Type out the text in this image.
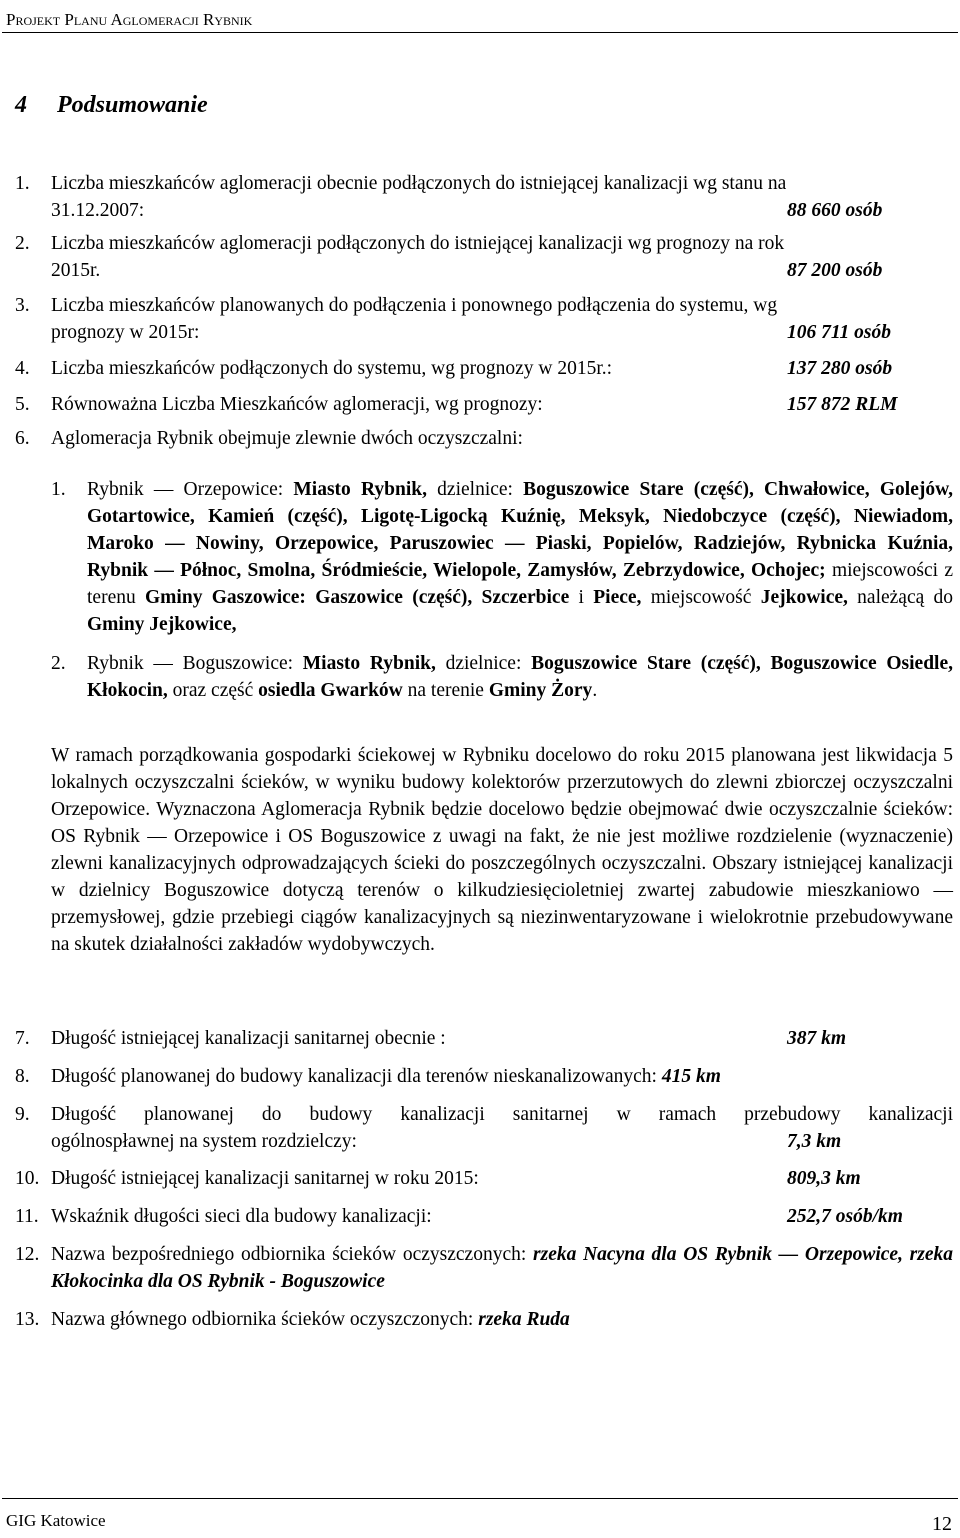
Projekt Planu Aglomeracji Rybnik
4 Podsumowanie
1.	Liczba mieszkańców aglomeracji obecnie podłączonych do istniejącej kanalizacji wg stanu na
31.12.2007:	88 660 osób
2.	Liczba mieszkańców aglomeracji podłączonych do istniejącej kanalizacji wg prognozy na rok
2015r.	87 200 osób
3.	Liczba mieszkańców planowanych do podłączenia i ponownego podłączenia do systemu, wg
prognozy w 2015r:	106 711 osób
4.	Liczba mieszkańców podłączonych do systemu, wg prognozy w 2015r.:	137 280 osób
5.	Równoważna Liczba Mieszkańców aglomeracji, wg prognozy:	157 872 RLM
6.	Aglomeracja Rybnik obejmuje zlewnie dwóch oczyszczalni:
1.	Rybnik — Orzepowice: Miasto Rybnik, dzielnice: Boguszowice Stare (część), Chwałowice, Golejów, Gotartowice, Kamień (część), Ligotę-Ligocką Kuźnię, Meksyk, Niedobczyce (część), Niewiadom, Maroko — Nowiny, Orzepowice, Paruszowiec — Piaski, Popielów, Radziejów, Rybnicka Kuźnia, Rybnik — Północ, Smolna, Śródmieście, Wielopole, Zamysłów, Zebrzydowice, Ochojec; miejscowości z terenu Gminy Gaszowice: Gaszowice (część), Szczerbice i Piece, miejscowość Jejkowice, należącą do Gminy Jejkowice,
2.	Rybnik — Boguszowice: Miasto Rybnik, dzielnice: Boguszowice Stare (część), Boguszowice Osiedle, Kłokocin, oraz część osiedla Gwarków na terenie Gminy Żory.
W ramach porządkowania gospodarki ściekowej w Rybniku docelowo do roku 2015 planowana jest likwidacja 5 lokalnych oczyszczalni ścieków, w wyniku budowy kolektorów przerzutowych do zlewni zbiorczej oczyszczalni Orzepowice. Wyznaczona Aglomeracja Rybnik będzie docelowo będzie obejmować dwie oczyszczalnie ścieków: OS Rybnik — Orzepowice i OS Boguszowice z uwagi na fakt, że nie jest możliwe rozdzielenie (wyznaczenie) zlewni kanalizacyjnych odprowadzających ścieki do poszczególnych oczyszczalni. Obszary istniejącej kanalizacji w dzielnicy Boguszowice dotyczą terenów o kilkudziesięcioletniej zwartej zabudowie mieszkaniowo — przemysłowej, gdzie przebiegi ciągów kanalizacyjnych są niezinwentaryzowane i wielokrotnie przebudowywane na skutek działalności zakładów wydobywczych.
7.	Długość istniejącej kanalizacji sanitarnej obecnie :	387 km
8.	Długość planowanej do budowy kanalizacji dla terenów nieskanalizowanych: 415 km
9.	Długość planowanej do budowy kanalizacji sanitarnej w ramach przebudowy kanalizacji
ogólnospławnej na system rozdzielczy:	7,3 km
10. Długość istniejącej kanalizacji sanitarnej w roku 2015:	809,3 km
11. Wskaźnik długości sieci dla budowy kanalizacji:	252,7 osób/km
12. Nazwa bezpośredniego odbiornika ścieków oczyszczonych: rzeka Nacyna dla OS Rybnik — Orzepowice, rzeka Kłokocinka dla OS Rybnik - Boguszowice
13. Nazwa głównego odbiornika ścieków oczyszczonych: rzeka Ruda
GIG Katowice	12
